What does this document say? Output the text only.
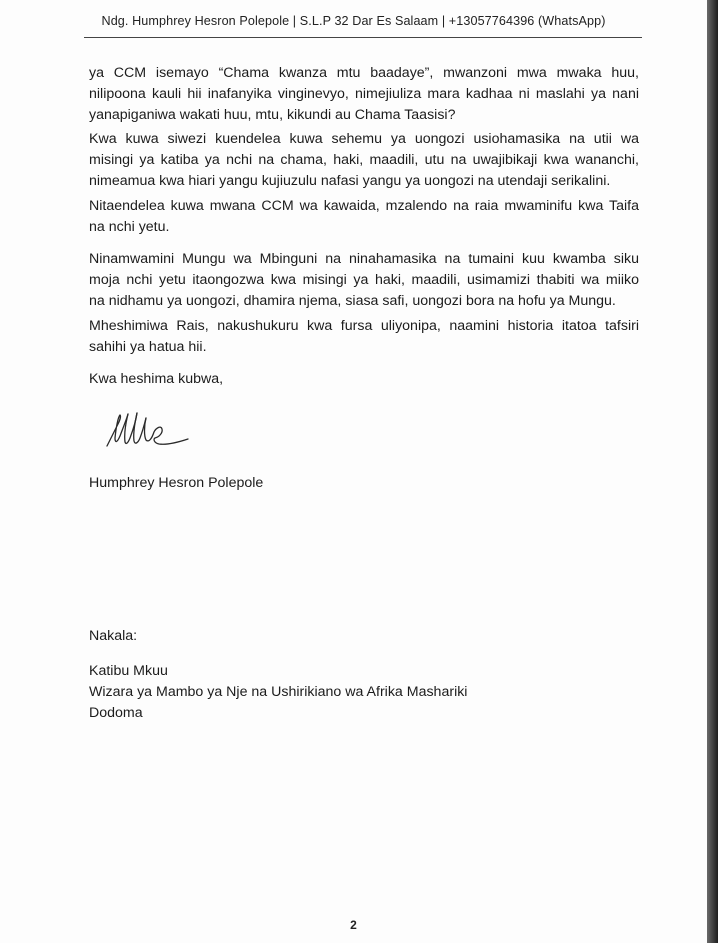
Ndg. Humphrey Hesron Polepole | S.L.P 32 Dar Es Salaam | +13057764396 (WhatsApp)

ya CCM isemayo “Chama kwanza mtu baadaye”, mwanzoni mwa mwaka huu,
nilipoona kauli hii inafanyika vinginevyo, nimejiuliza mara kadhaa ni maslahi ya nani
yanapiganiwa wakati huu, mtu, kikundi au Chama Taasisi?

Kwa kuwa siwezi kuendelea kuwa sehemu ya uongozi usiohamasika na utii wa
misingi ya katiba ya nchi na chama, haki, maadili, utu na uwajibikaji kwa wananchi,
nimeamua kwa hiari yangu kujiuzulu nafasi yangu ya uongozi na utendaji serikalini.

Nitaendelea kuwa mwana CCM wa kawaida, mzalendo na raia mwaminifu kwa Taifa
na nchi yetu.

Ninamwamini Mungu wa Mbinguni na ninahamasika na tumaini kuu kwamba siku
moja nchi yetu itaongozwa kwa misingi ya haki, maadili, usimamizi thabiti wa miiko
na nidhamu ya uongozi, dhamira njema, siasa safi, uongozi bora na hofu ya Mungu.

Mheshimiwa Rais, nakushukuru kwa fursa uliyonipa, naamini historia itatoa tafsiri
sahihi ya hatua hii.

Kwa heshima kubwa,

Humphrey Hesron Polepole

Nakala:

Katibu Mkuu
Wizara ya Mambo ya Nje na Ushirikiano wa Afrika Mashariki
Dodoma
2
